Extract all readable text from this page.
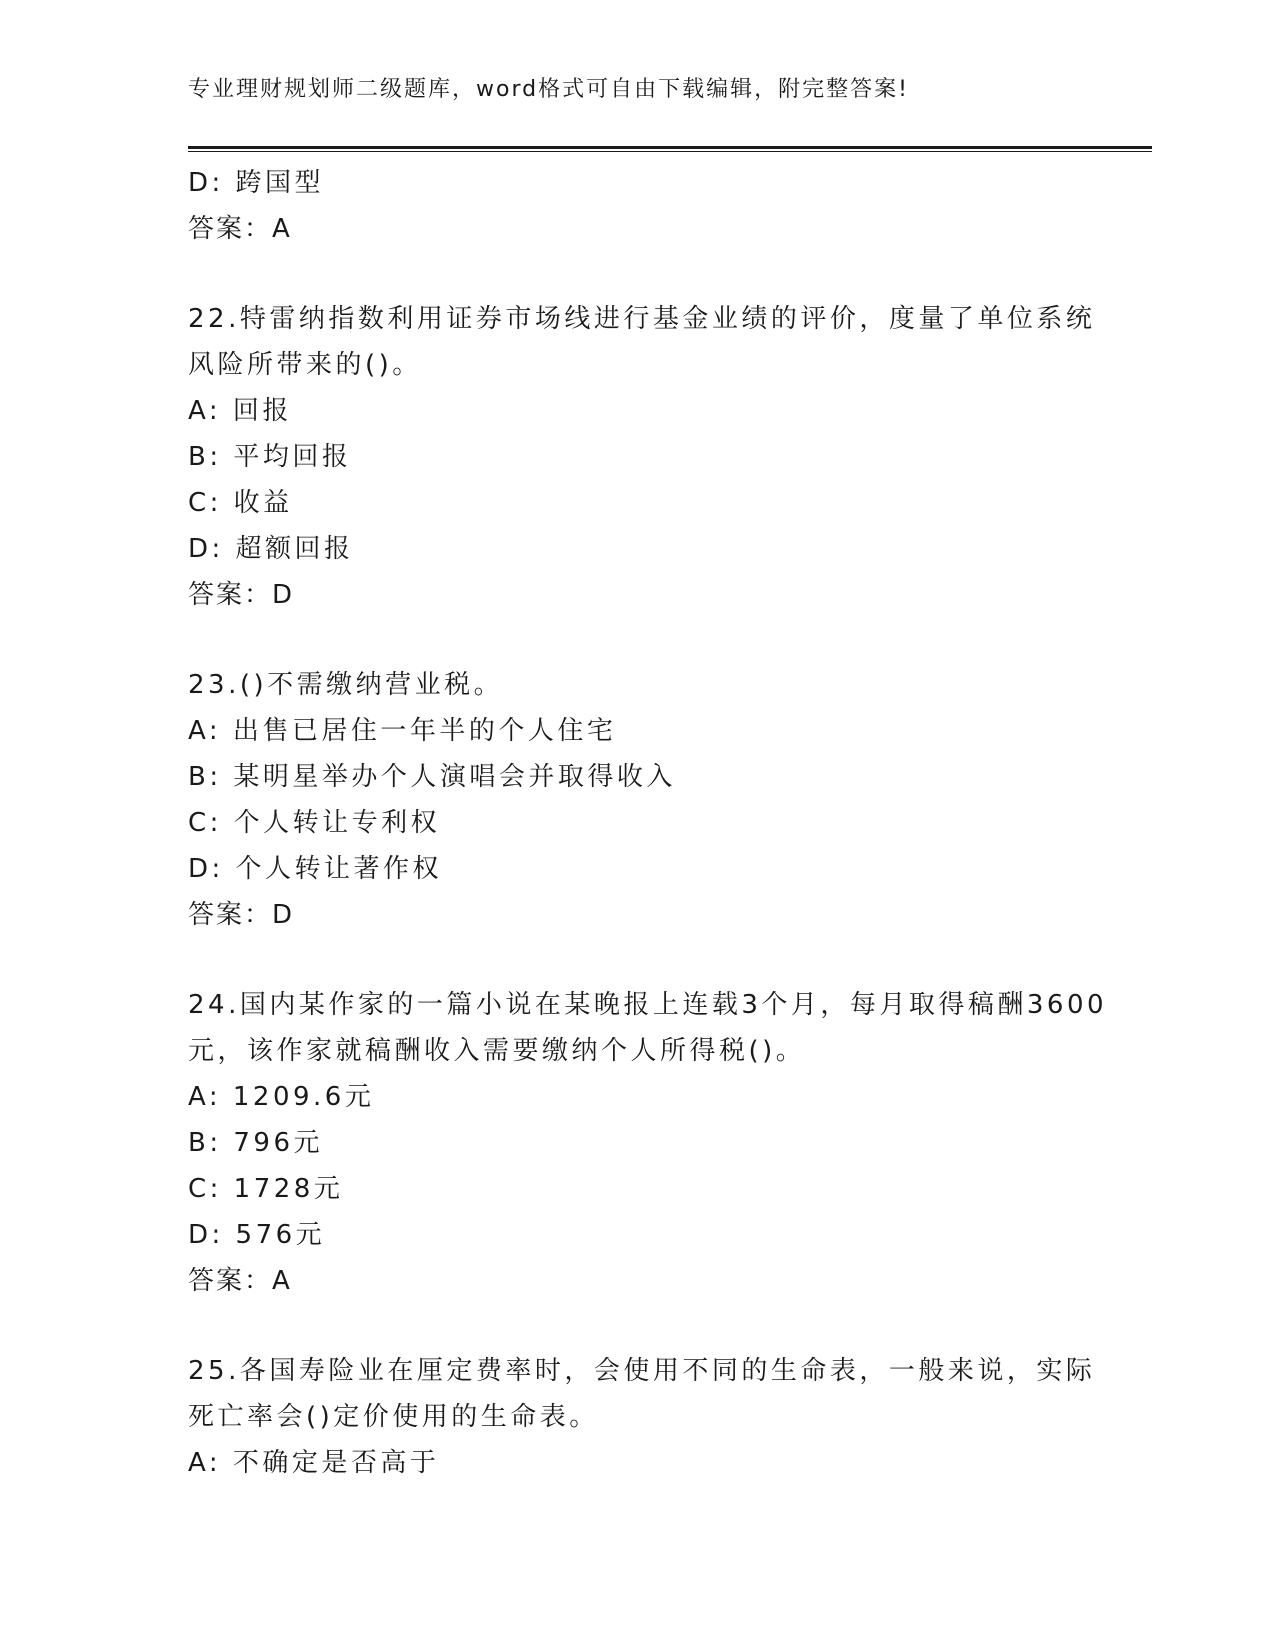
专业理财规划师二级题库，word格式可自由下载编辑，附完整答案!
D: 跨国型
答案：A
22.特雷纳指数利用证券市场线进行基金业绩的评价，度量了单位系统
风险所带来的()。
A: 回报
B: 平均回报
C: 收益
D: 超额回报
答案：D
23.()不需缴纳营业税。
A: 出售已居住一年半的个人住宅
B: 某明星举办个人演唱会并取得收入
C: 个人转让专利权
D: 个人转让著作权
答案：D
24.国内某作家的一篇小说在某晚报上连载3个月，每月取得稿酬3600
元，该作家就稿酬收入需要缴纳个人所得税()。
A: 1209.6元
B: 796元
C: 1728元
D: 576元
答案：A
25.各国寿险业在厘定费率时，会使用不同的生命表，一般来说，实际
死亡率会()定价使用的生命表。
A: 不确定是否高于
